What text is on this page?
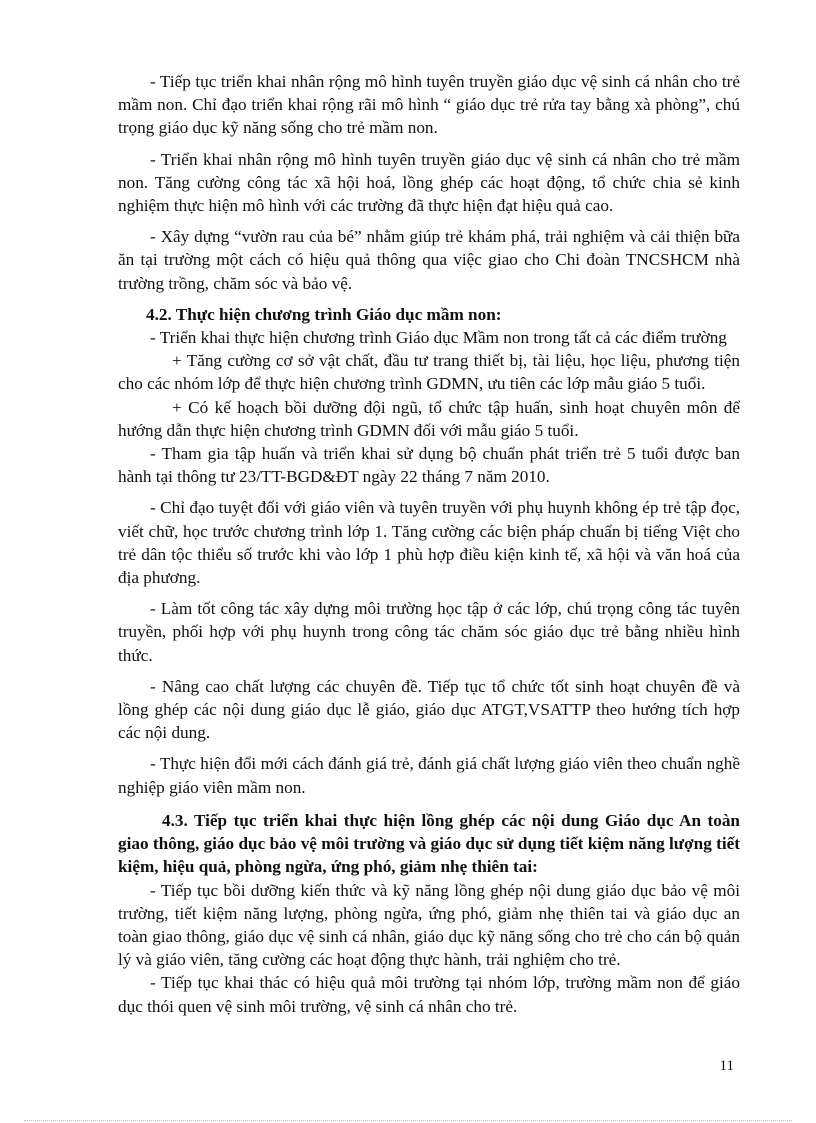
- Tiếp tục triển khai nhân rộng mô hình tuyên truyền giáo dục vệ sinh cá nhân cho trẻ mầm non. Chỉ đạo triển khai rộng rãi mô hình “ giáo dục trẻ rửa tay bằng xà phòng”, chú trọng giáo dục kỹ năng sống cho trẻ mầm non.

- Triển khai nhân rộng mô hình tuyên truyền giáo dục vệ sinh cá nhân cho trẻ mầm non. Tăng cường công tác xã hội hoá, lồng ghép các hoạt động, tổ chức chia sẻ kinh nghiệm thực hiện mô hình với các trường đã thực hiện đạt hiệu quả cao.

- Xây dựng “vườn rau của bé” nhằm giúp trẻ khám phá, trải nghiệm và cải thiện bữa ăn tại trường một cách có hiệu quả thông qua việc giao cho Chi đoàn TNCSHCM nhà trường trồng, chăm sóc và bảo vệ.

4.2. Thực hiện chương trình Giáo dục mầm non:

- Triển khai thực hiện chương trình Giáo dục Mầm non trong tất cả các điểm trường

+ Tăng cường cơ sở vật chất, đầu tư trang thiết bị, tài liệu, học liệu, phương tiện cho các nhóm lớp để thực hiện chương trình GDMN, ưu tiên các lớp mẫu giáo 5 tuổi.

+ Có kế hoạch bồi dưỡng đội ngũ, tổ chức tập huấn, sinh hoạt chuyên môn để hướng dẫn thực hiện chương trình GDMN đối với mẫu giáo 5 tuổi.

- Tham gia tập huấn và triển khai sử dụng bộ chuẩn phát triển trẻ 5 tuổi được ban hành tại thông tư 23/TT-BGD&ĐT ngày 22 tháng 7 năm 2010.

- Chỉ đạo tuyệt đối với giáo viên và tuyên truyền với phụ huynh không ép trẻ tập đọc, viết chữ, học trước chương trình lớp 1. Tăng cường các biện pháp chuẩn bị tiếng Việt cho trẻ dân tộc thiểu số trước khi vào lớp 1 phù hợp điều kiện kinh tế, xã hội và văn hoá của địa phương.

- Làm tốt công tác xây dựng môi trường học tập ở các lớp, chú trọng công tác tuyên truyền, phối hợp với phụ huynh trong công tác chăm sóc giáo dục trẻ bằng nhiều hình thức.

- Nâng cao chất lượng các chuyên đề. Tiếp tục tổ chức tốt sinh hoạt chuyên đề và lồng ghép các nội dung giáo dục lễ giáo, giáo dục ATGT,VSATTP theo hướng tích hợp các nội dung.

- Thực hiện đổi mới cách đánh giá trẻ, đánh giá chất lượng giáo viên theo chuẩn nghề nghiệp giáo viên mầm non.

4.3. Tiếp tục triển khai thực hiện lồng ghép các nội dung Giáo dục An toàn giao thông, giáo dục bảo vệ môi trường và giáo dục sử dụng tiết kiệm năng lượng tiết kiệm, hiệu quả, phòng ngừa, ứng phó, giảm nhẹ thiên tai:

- Tiếp tục bồi dưỡng kiến thức và kỹ năng lồng ghép nội dung giáo dục bảo vệ môi trường, tiết kiệm năng lượng, phòng ngừa, ứng phó, giảm nhẹ thiên tai và giáo dục an toàn giao thông, giáo dục vệ sinh cá nhân, giáo dục kỹ năng sống cho trẻ cho cán bộ quản lý và giáo viên, tăng cường các hoạt động thực hành, trải nghiệm cho trẻ.

- Tiếp tục khai thác có hiệu quả môi trường tại nhóm lớp, trường mầm non để giáo dục thói quen vệ sinh môi trường, vệ sinh cá nhân cho trẻ.

11
